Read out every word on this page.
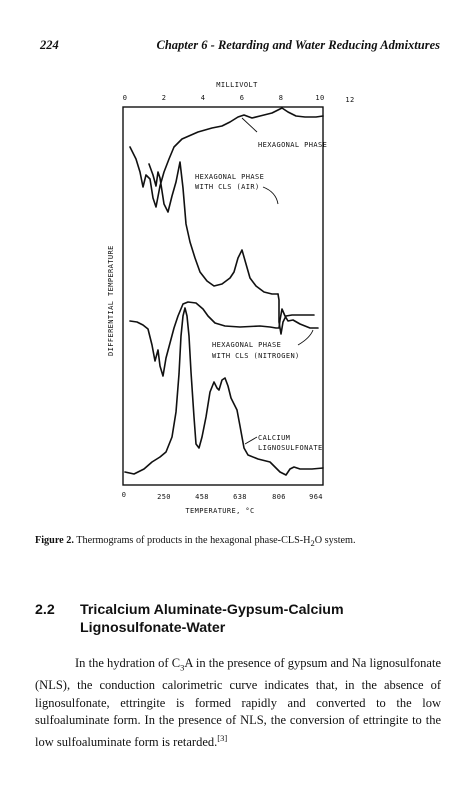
224	Chapter 6 - Retarding and Water Reducing Admixtures
MILLIVOLT
0	2	4	6	8	10	12
DIFFERENTIAL TEMPERATURE
HEXAGONAL PHASE
HEXAGONAL PHASE
WITH CLS (AIR)
HEXAGONAL PHASE
WITH CLS (NITROGEN)
CALCIUM
LIGNOSULFONATE
0	250	458	638	806	964
TEMPERATURE, °C
Figure 2. Thermograms of products in the hexagonal phase-$CLS-H_2O$ system.
2.2 Tricalcium Aluminate-Gypsum-Calcium Lignosulfonate-Water

In the hydration of $C_3A$ in the presence of gypsum and Na lignosulfonate (NLS), the conduction calorimetric curve indicates that, in the absence of lignosulfonate, ettringite is formed rapidly and converted to the low sulfoaluminate form. In the presence of NLS, the conversion of ettringite to the low sulfoaluminate form is retarded.[3]
